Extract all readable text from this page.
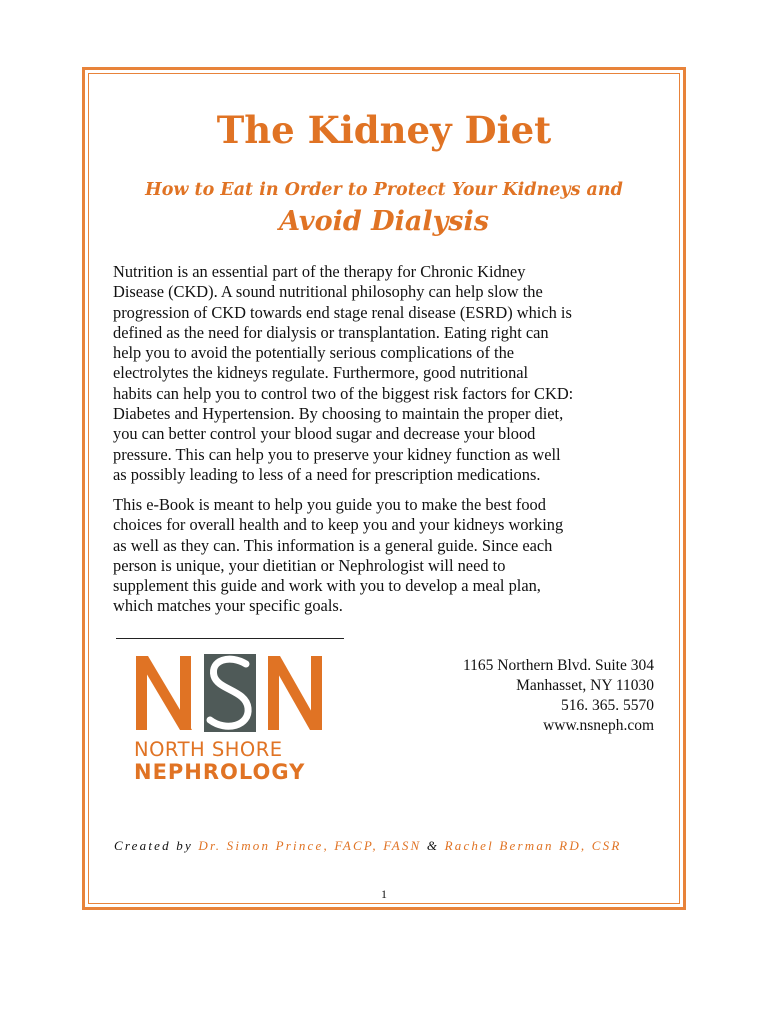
The Kidney Diet
How to Eat in Order to Protect Your Kidneys and
Avoid Dialysis

Nutrition is an essential part of the therapy for Chronic Kidney
Disease (CKD). A sound nutritional philosophy can help slow the
progression of CKD towards end stage renal disease (ESRD) which is
defined as the need for dialysis or transplantation. Eating right can
help you to avoid the potentially serious complications of the
electrolytes the kidneys regulate. Furthermore, good nutritional
habits can help you to control two of the biggest risk factors for CKD:
Diabetes and Hypertension. By choosing to maintain the proper diet,
you can better control your blood sugar and decrease your blood
pressure. This can help you to preserve your kidney function as well
as possibly leading to less of a need for prescription medications.

This e-Book is meant to help you guide you to make the best food
choices for overall health and to keep you and your kidneys working
as well as they can. This information is a general guide. Since each
person is unique, your dietitian or Nephrologist will need to
supplement this guide and work with you to develop a meal plan,
which matches your specific goals.

NORTH SHORE
NEPHROLOGY
1165 Northern Blvd. Suite 304
Manhasset, NY 11030
516. 365. 5570
www.nsneph.com
Created by Dr. Simon Prince, FACP, FASN & Rachel Berman RD, CSR
1
